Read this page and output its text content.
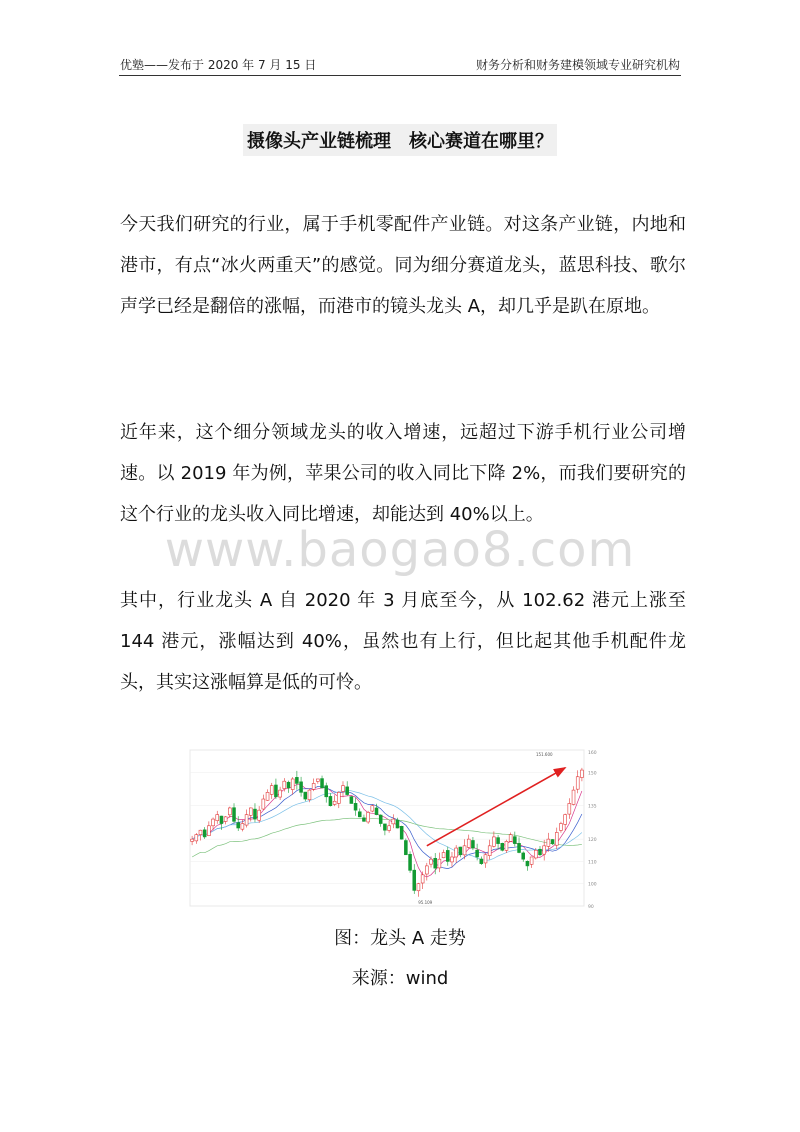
优塾——发布于 2020 年 7 月 15 日	财务分析和财务建模领域专业研究机构
摄像头产业链梳理　核心赛道在哪里？

今天我们研究的行业，属于手机零配件产业链。对这条产业链，内地和港市，有点“冰火两重天”的感觉。同为细分赛道龙头，蓝思科技、歌尔声学已经是翻倍的涨幅，而港市的镜头龙头 A，却几乎是趴在原地。

近年来，这个细分领域龙头的收入增速，远超过下游手机行业公司增速。以 2019 年为例，苹果公司的收入同比下降 2%，而我们要研究的这个行业的龙头收入同比增速，却能达到 40%以上。

www.baogao8.com

其中，行业龙头 A 自 2020 年 3 月底至今，从 102.62 港元上涨至 144 港元，涨幅达到 40%，虽然也有上行，但比起其他手机配件龙头，其实这涨幅算是低的可怜。

160
150
135
120
110
100
90
95.109
151.600
图：龙头 A 走势
来源：wind
